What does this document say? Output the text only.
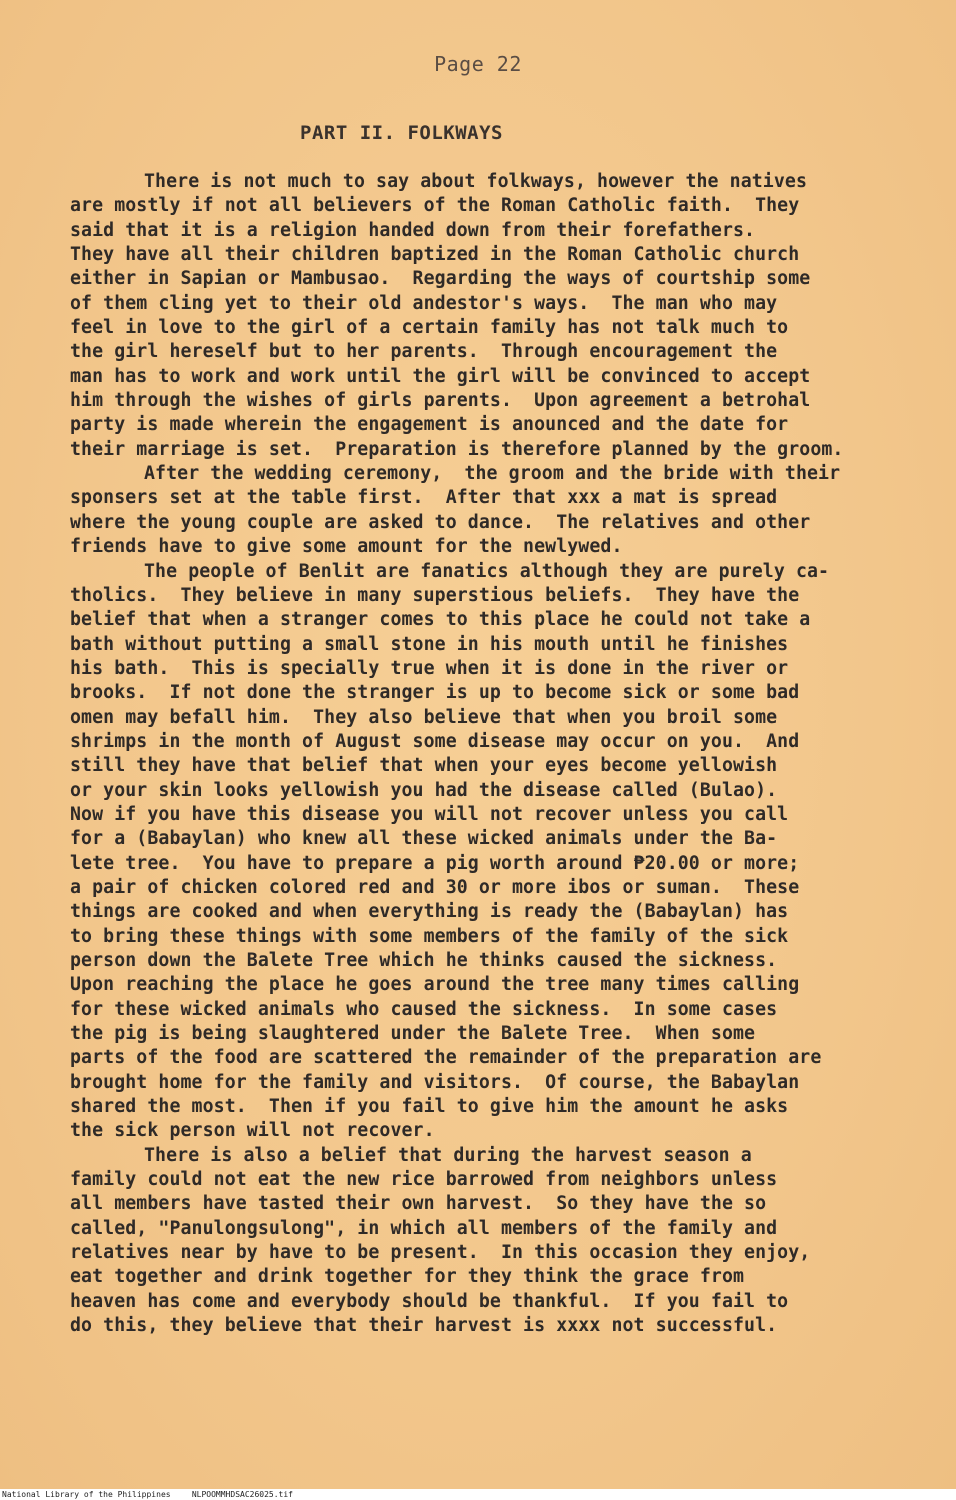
Page 22
PART II. FOLKWAYS
There is not much to say about folkways, however the natives
are mostly if not all believers of the Roman Catholic faith.  They
said that it is a religion handed down from their forefathers.
They have all their children baptized in the Roman Catholic church
either in Sapian or Mambusao.  Regarding the ways of courtship some
of them cling yet to their old andestor's ways.  The man who may
feel in love to the girl of a certain family has not talk much to
the girl hereself but to her parents.  Through encouragement the
man has to work and work until the girl will be convinced to accept
him through the wishes of girls parents.  Upon agreement a betrohal
party is made wherein the engagement is anounced and the date for
their marriage is set.  Preparation is therefore planned by the groom.
After the wedding ceremony,  the groom and the bride with their
sponsers set at the table first.  After that xxx a mat is spread
where the young couple are asked to dance.  The relatives and other
friends have to give some amount for the newlywed.
The people of Benlit are fanatics although they are purely ca-
tholics.  They believe in many superstious beliefs.  They have the
belief that when a stranger comes to this place he could not take a
bath without putting a small stone in his mouth until he finishes
his bath.  This is specially true when it is done in the river or
brooks.  If not done the stranger is up to become sick or some bad
omen may befall him.  They also believe that when you broil some
shrimps in the month of August some disease may occur on you.  And
still they have that belief that when your eyes become yellowish
or your skin looks yellowish you had the disease called (Bulao).
Now if you have this disease you will not recover unless you call
for a (Babaylan) who knew all these wicked animals under the Ba-
lete tree.  You have to prepare a pig worth around ₱20.00 or more;
a pair of chicken colored red and 30 or more ibos or suman.  These
things are cooked and when everything is ready the (Babaylan) has
to bring these things with some members of the family of the sick
person down the Balete Tree which he thinks caused the sickness.
Upon reaching the place he goes around the tree many times calling
for these wicked animals who caused the sickness.  In some cases
the pig is being slaughtered under the Balete Tree.  When some
parts of the food are scattered the remainder of the preparation are
brought home for the family and visitors.  Of course, the Babaylan
shared the most.  Then if you fail to give him the amount he asks
the sick person will not recover.
There is also a belief that during the harvest season a
family could not eat the new rice barrowed from neighbors unless
all members have tasted their own harvest.  So they have the so
called, "Panulongsulong", in which all members of the family and
relatives near by have to be present.  In this occasion they enjoy,
eat together and drink together for they think the grace from
heaven has come and everybody should be thankful.  If you fail to
do this, they believe that their harvest is xxxx not successful.
National Library of the Philippines	NLPOOMMHDSAC26025.tif
